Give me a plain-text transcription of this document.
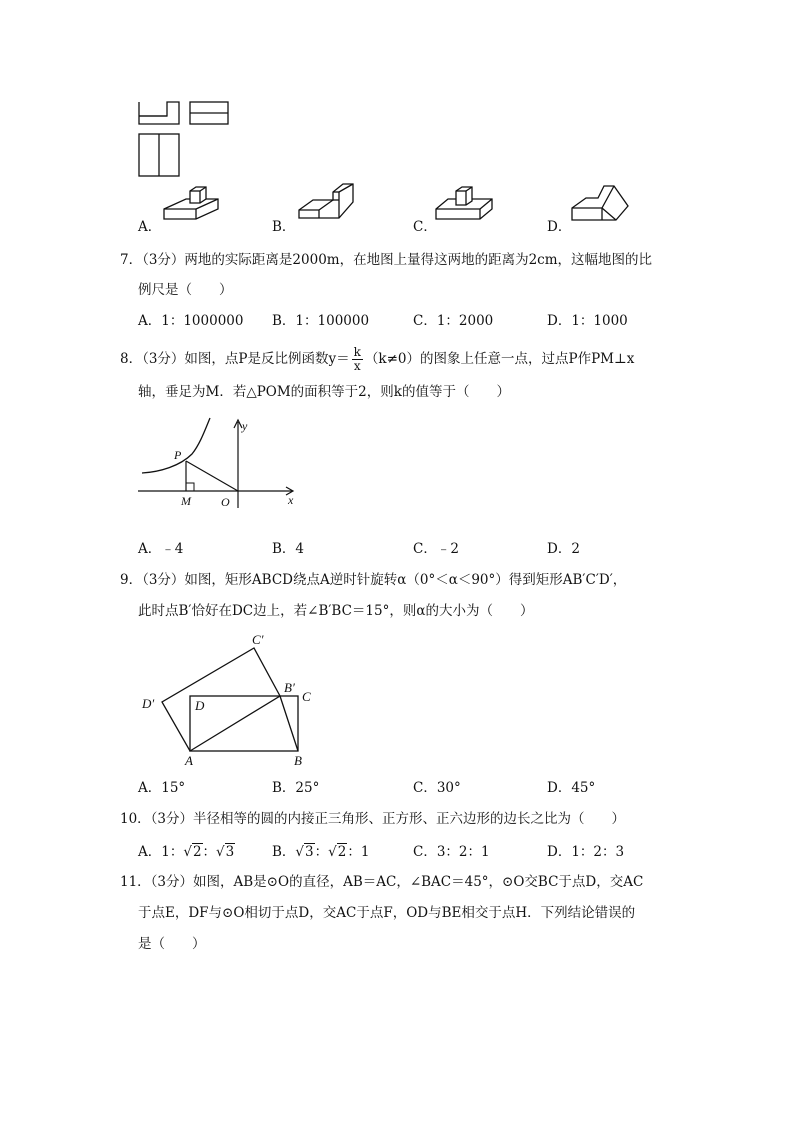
A．	B．	C．	D．
7．（3分）两地的实际距离是2000m，在地图上量得这两地的距离为2cm，这幅地图的比
例尺是（　　）
A．1：1000000 B．1：100000	C．1：2000	D．1：1000
8．（3分）如图，点P是反比例函数$y= \frac{k}{x} (k\ne 0)$的图象上任意一点，过点P作PM⊥x
轴，垂足为M．若△POM的面积等于2，则k的值等于（　　）
y
x
P
M	O
A．﹣4	B．4	C．﹣2	D．2
9．（3分）如图，矩形ABCD绕点A逆时针旋转α（0°＜α＜90°）得到矩形AB′C′D′，
此时点B′恰好在DC边上，若∠B′BC＝15°，则α的大小为（　　）
C′
D′	D
B′
C
A	B
A．15°	B．25°	C．30°	D．45°
10．（3分）半径相等的圆的内接正三角形、正方形、正六边形的边长之比为（　　）
A．1：√2：√3	B．√3：√2：1	C．3：2：1	D．1：2：3
11．（3分）如图，AB是⊙O的直径，AB＝AC，∠BAC＝45°，⊙O交BC于点D，交AC
于点E，DF与⊙O相切于点D，交AC于点F，OD与BE相交于点H．下列结论错误的
是（　　）
